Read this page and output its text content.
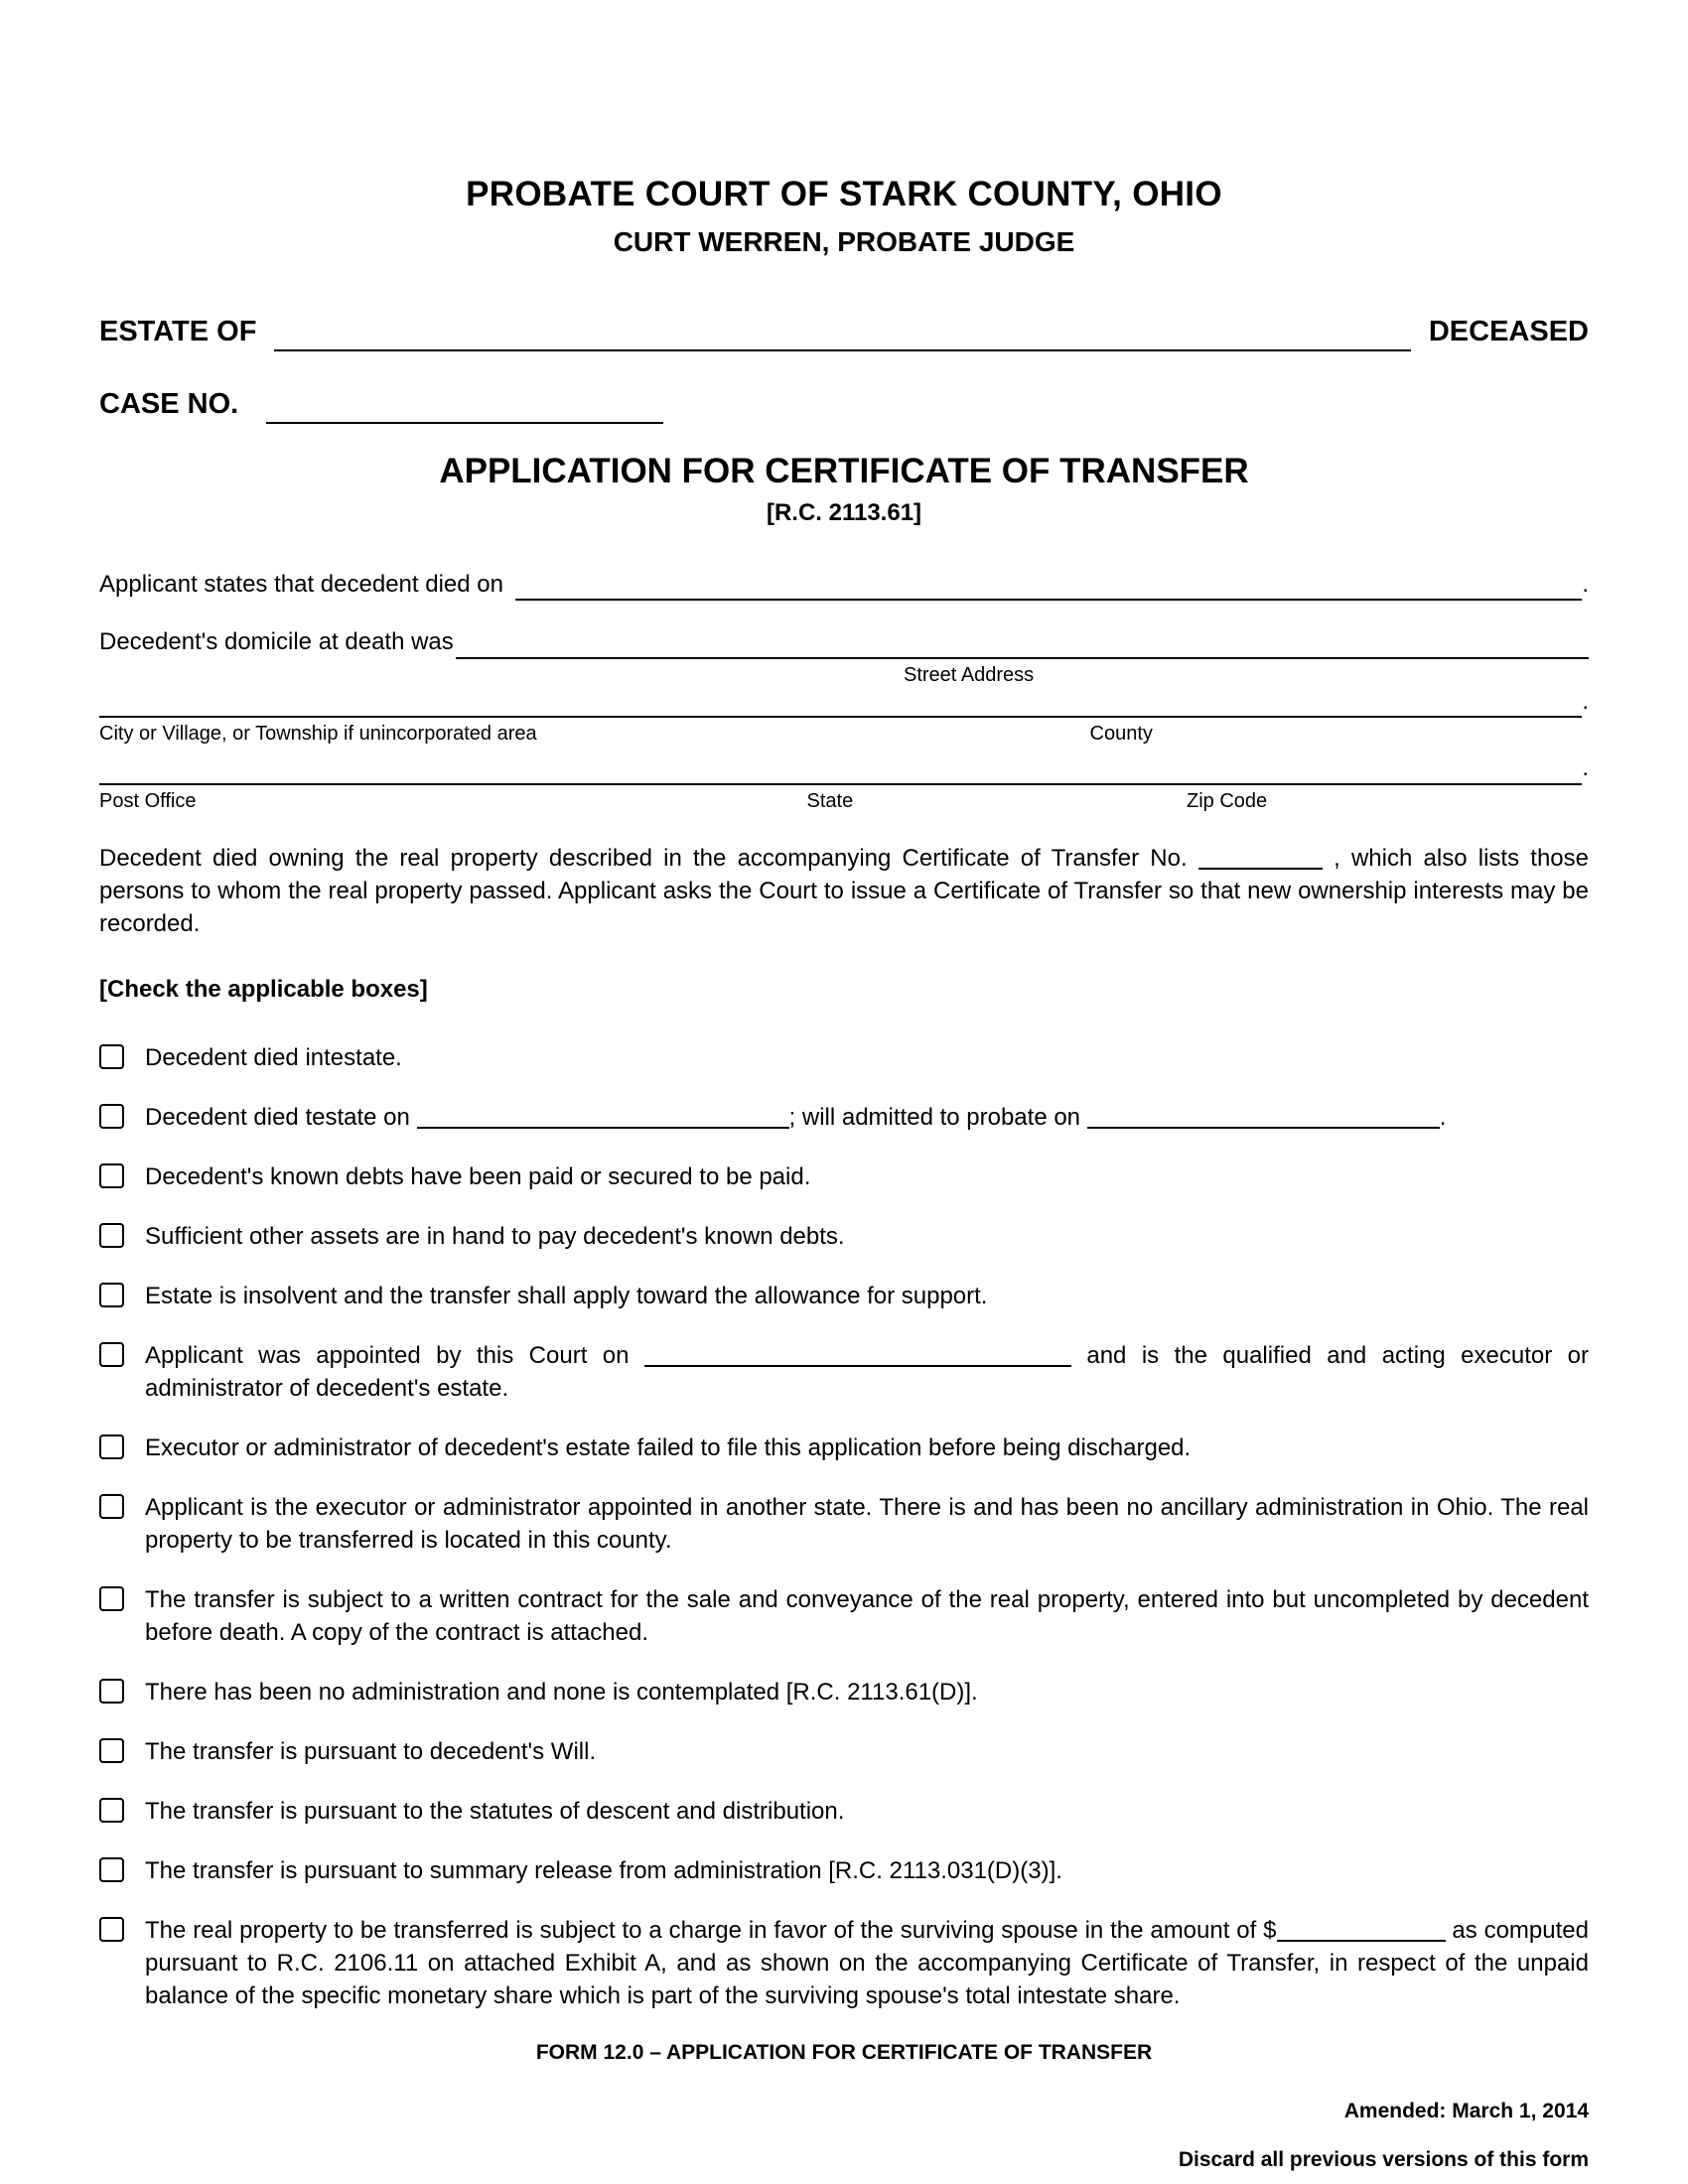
PROBATE COURT OF STARK COUNTY, OHIO
CURT WERREN, PROBATE JUDGE
ESTATE OF	DECEASED
CASE NO.
APPLICATION FOR CERTIFICATE OF TRANSFER
[R.C. 2113.61]
Applicant states that decedent died on	.
Decedent's domicile at death was
Street Address
.
City or Village, or Township if unincorporated area	County
.
Post Office	State	Zip Code

Decedent died owning the real property described in the accompanying Certificate of Transfer No.	, which also lists those persons to whom the real property passed. Applicant asks the Court to issue a Certificate of Transfer so that new ownership interests may be recorded.

[Check the applicable boxes]
Decedent died intestate.
Decedent died testate on	; will admitted to probate on	.
Decedent's known debts have been paid or secured to be paid.
Sufficient other assets are in hand to pay decedent's known debts.
Estate is insolvent and the transfer shall apply toward the allowance for support.
Applicant was appointed by this Court on	and is the qualified and acting executor or administrator of decedent's estate.
Executor or administrator of decedent's estate failed to file this application before being discharged.
Applicant is the executor or administrator appointed in another state. There is and has been no ancillary administration in Ohio. The real property to be transferred is located in this county.
The transfer is subject to a written contract for the sale and conveyance of the real property, entered into but uncompleted by decedent before death. A copy of the contract is attached.
There has been no administration and none is contemplated [R.C. 2113.61(D)].
The transfer is pursuant to decedent's Will.
The transfer is pursuant to the statutes of descent and distribution.
The transfer is pursuant to summary release from administration [R.C. 2113.031(D)(3)].
The real property to be transferred is subject to a charge in favor of the surviving spouse in the amount of $	as computed pursuant to R.C. 2106.11 on attached Exhibit A, and as shown on the accompanying Certificate of Transfer, in respect of the unpaid balance of the specific monetary share which is part of the surviving spouse's total intestate share.
FORM 12.0 – APPLICATION FOR CERTIFICATE OF TRANSFER
Amended: March 1, 2014
Discard all previous versions of this form
